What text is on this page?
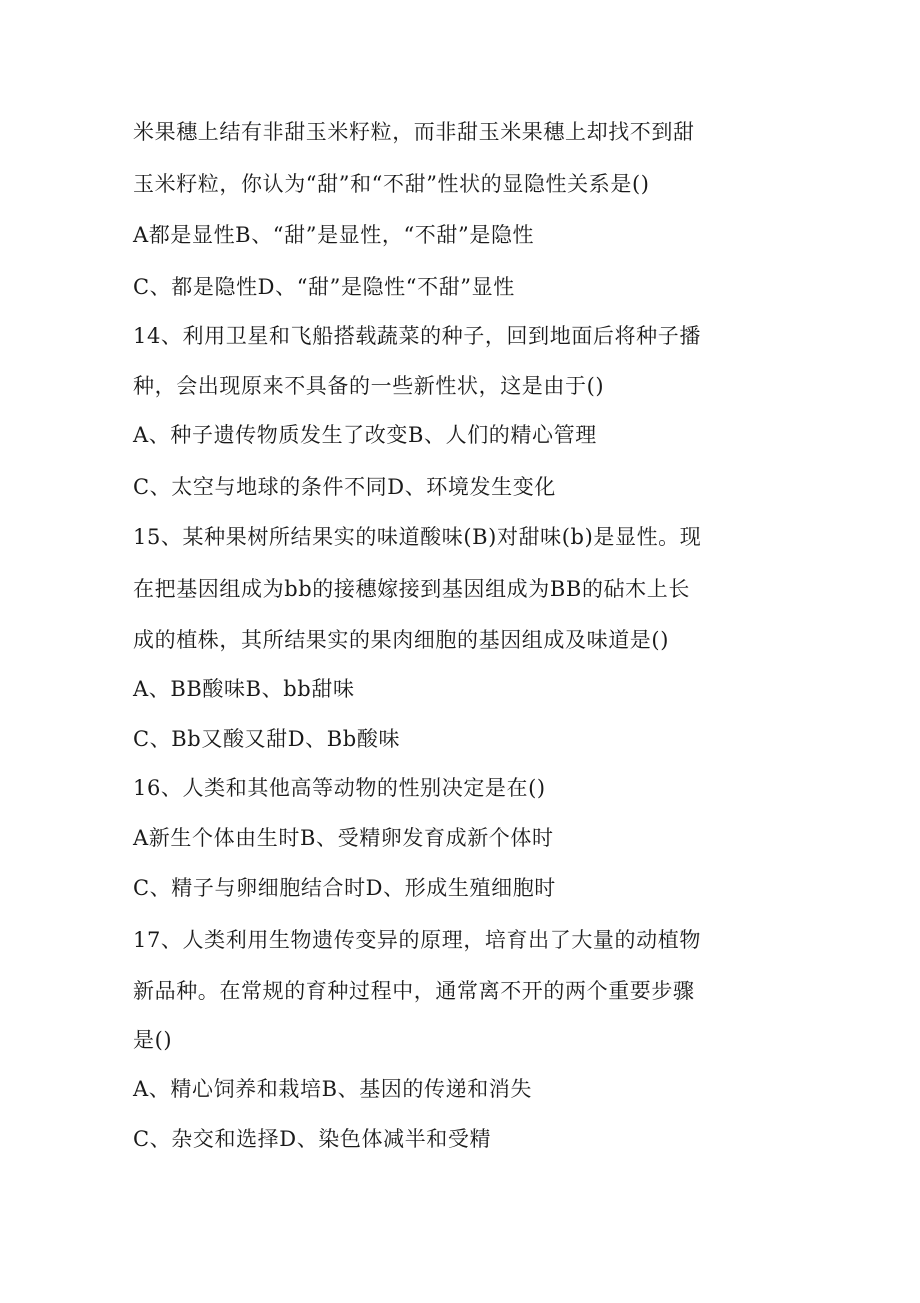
米果穗上结有非甜玉米籽粒，而非甜玉米果穗上却找不到甜
玉米籽粒，你认为“甜”和“不甜”性状的显隐性关系是()
A都是显性B、“甜”是显性，“不甜”是隐性
C、都是隐性D、“甜”是隐性“不甜”显性
14、利用卫星和飞船搭载蔬菜的种子，回到地面后将种子播
种，会出现原来不具备的一些新性状，这是由于()
A、种子遗传物质发生了改变B、人们的精心管理
C、太空与地球的条件不同D、环境发生变化
15、某种果树所结果实的味道酸味(B)对甜味(b)是显性。现
在把基因组成为bb的接穗嫁接到基因组成为BB的砧木上长
成的植株，其所结果实的果肉细胞的基因组成及味道是()
A、BB酸味B、bb甜味
C、Bb又酸又甜D、Bb酸味
16、人类和其他高等动物的性别决定是在()
A新生个体由生时B、受精卵发育成新个体时
C、精子与卵细胞结合时D、形成生殖细胞时
17、人类利用生物遗传变异的原理，培育出了大量的动植物
新品种。在常规的育种过程中，通常离不开的两个重要步骤
是()
A、精心饲养和栽培B、基因的传递和消失
C、杂交和选择D、染色体减半和受精
